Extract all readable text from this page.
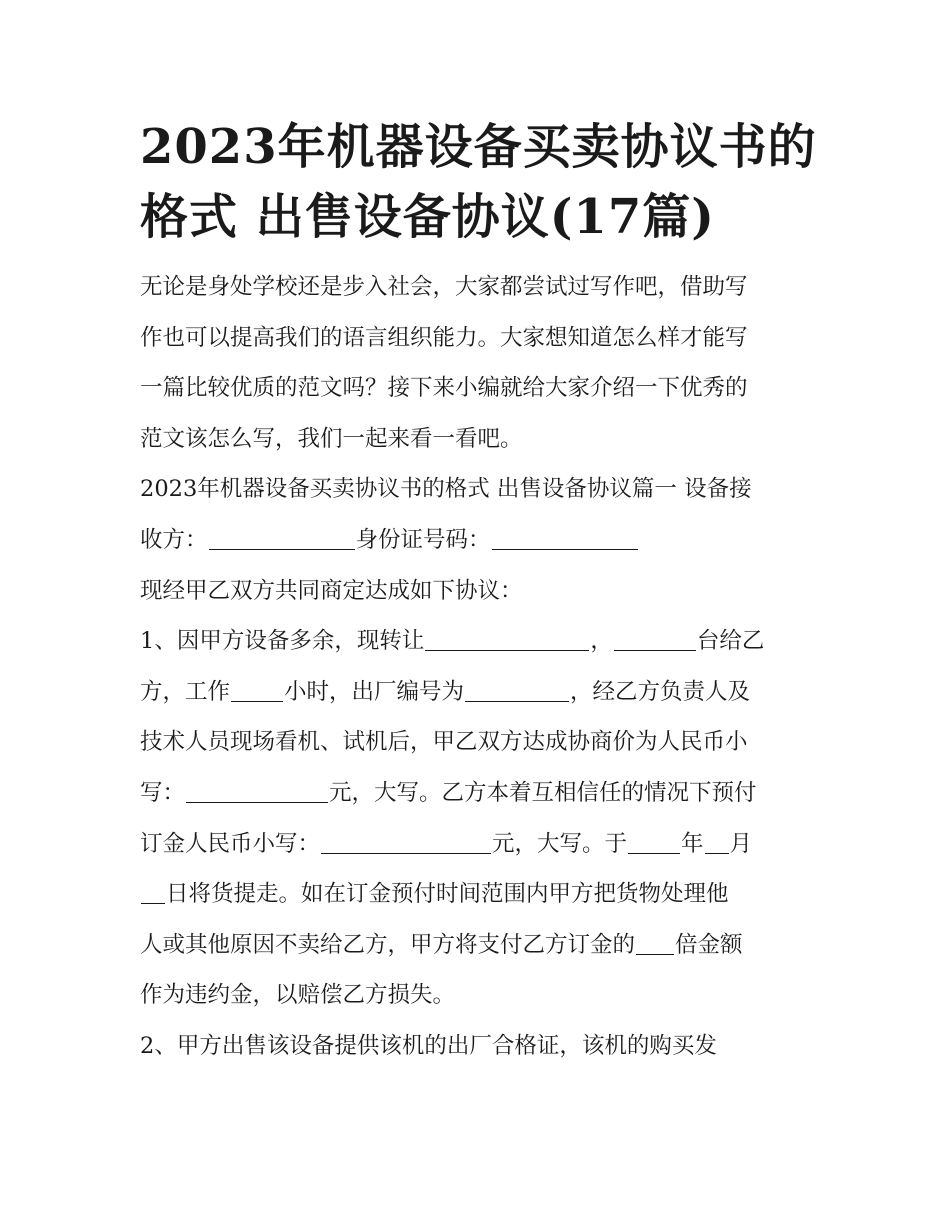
2023年机器设备买卖协议书的
格式 出售设备协议(17篇)

无论是身处学校还是步入社会，大家都尝试过写作吧，借助写
作也可以提高我们的语言组织能力。大家想知道怎么样才能写
一篇比较优质的范文吗？接下来小编就给大家介绍一下优秀的
范文该怎么写，我们一起来看一看吧。

2023年机器设备买卖协议书的格式 出售设备协议篇一 设备接
收方：	身份证号码：

现经甲乙双方共同商定达成如下协议：

1、因甲方设备多余，现转让	，	台给乙
方，工作 小时，出厂编号为	，经乙方负责人及
技术人员现场看机、试机后，甲乙双方达成协商价为人民币小
写：	元，大写。乙方本着互相信任的情况下预付
订金人民币小写：	元，大写。于 年 月
日将货提走。如在订金预付时间范围内甲方把货物处理他
人或其他原因不卖给乙方，甲方将支付乙方订金的 倍金额
作为违约金，以赔偿乙方损失。

2、甲方出售该设备提供该机的出厂合格证，该机的购买发
